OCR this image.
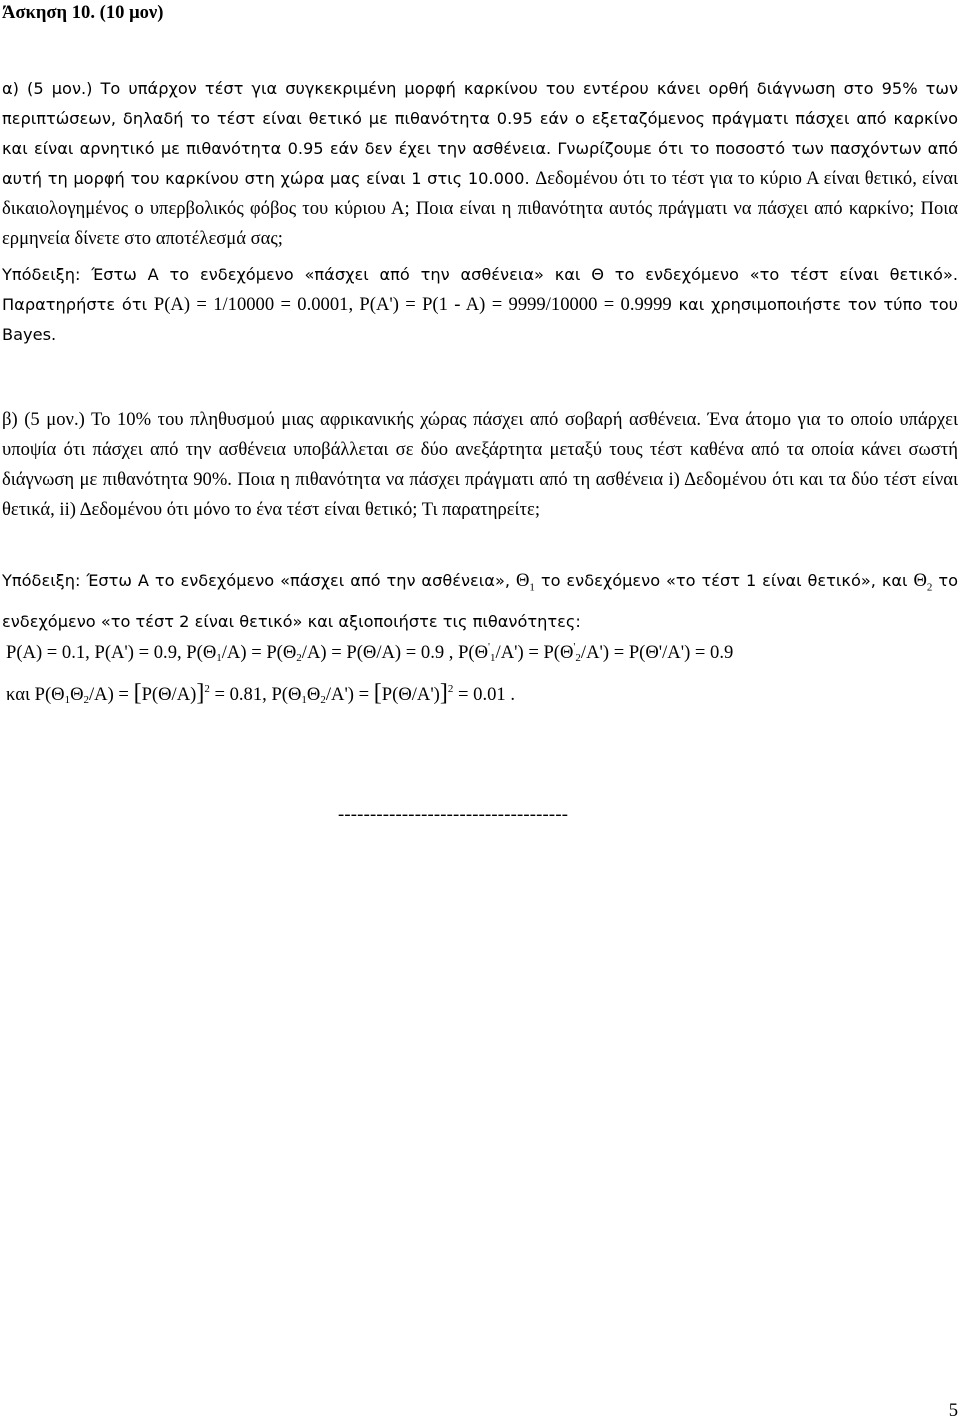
Άσκηση 10. (10 μον)
α) (5 μον.) Το υπάρχον τέστ για συγκεκριμένη μορφή καρκίνου του εντέρου κάνει ορθή διάγνωση στο 95% των περιπτώσεων, δηλαδή το τέστ είναι θετικό με πιθανότητα 0.95 εάν ο εξεταζόμενος πράγματι πάσχει από καρκίνο και είναι αρνητικό με πιθανότητα 0.95 εάν δεν έχει την ασθένεια. Γνωρίζουμε ότι το ποσοστό των πασχόντων από αυτή τη μορφή του καρκίνου στη χώρα μας είναι 1 στις 10.000. Δεδομένου ότι το τέστ για το κύριο Α είναι θετικό, είναι δικαιολογημένος ο υπερβολικός φόβος του κύριου Α; Ποια είναι η πιθανότητα αυτός πράγματι να πάσχει από καρκίνο; Ποια ερμηνεία δίνετε στο αποτέλεσμά σας;
Υπόδειξη: Έστω Α το ενδεχόμενο «πάσχει από την ασθένεια» και Θ το ενδεχόμενο «το τέστ είναι θετικό». Παρατηρήστε ότι P(A) = 1/10000 = 0.0001, P(A') = P(1 - A) = 9999/10000 = 0.9999 και χρησιμοποιήστε τον τύπο του Bayes.
β) (5 μον.) Το 10% του πληθυσμού μιας αφρικανικής χώρας πάσχει από σοβαρή ασθένεια. Ένα άτομο για το οποίο υπάρχει υποψία ότι πάσχει από την ασθένεια υποβάλλεται σε δύο ανεξάρτητα μεταξύ τους τέστ καθένα από τα οποία κάνει σωστή διάγνωση με πιθανότητα 90%. Ποια η πιθανότητα να πάσχει πράγματι από τη ασθένεια i) Δεδομένου ότι και τα δύο τέστ είναι θετικά, ii) Δεδομένου ότι μόνο το ένα τέστ είναι θετικό; Τι παρατηρείτε;
Υπόδειξη: Έστω Α το ενδεχόμενο «πάσχει από την ασθένεια», $\Theta_1$ το ενδεχόμενο «το τέστ 1 είναι θετικό», και $\Theta_2$ το ενδεχόμενο «το τέστ 2 είναι θετικό» και αξιοποιήστε τις πιθανότητες:
P(A) = 0.1, P(A') = 0.9, $P(\Theta_1/A) = P(\Theta_2/A) = P(\Theta/A) = 0.9$ , $P(\Theta'_1/A') = P(\Theta'_2/A') = P(\Theta'/A') = 0.9$
και $P(\Theta_1\Theta_2/A) = [P(\Theta/A)]^2 = 0.81$, $P(\Theta_1\Theta_2/A') = [P(\Theta/A')]^2 = 0.01$ .
------------------------------------
5
